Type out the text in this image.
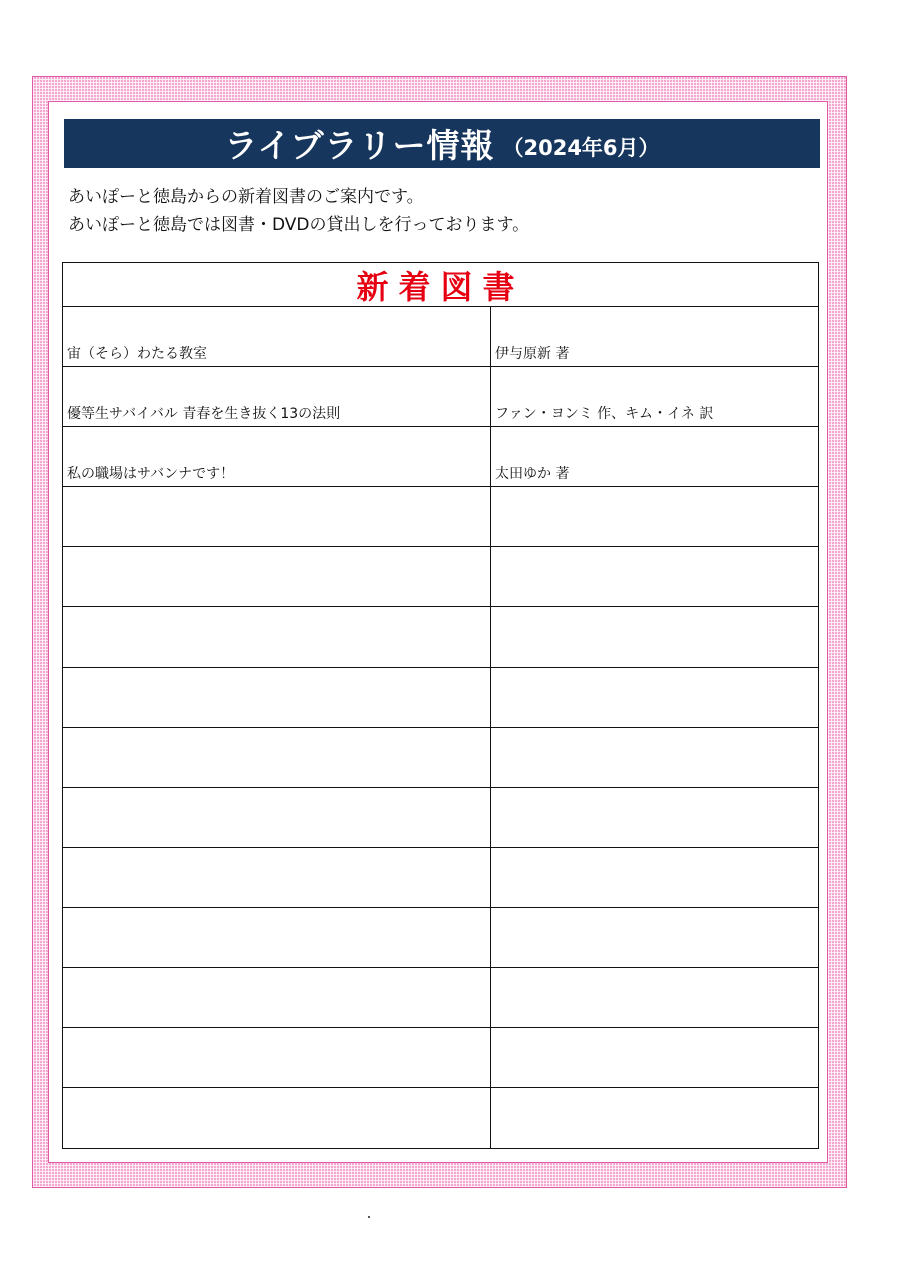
ライブラリー情報 （2024年6月）
あいぽーと徳島からの新着図書のご案内です。
あいぽーと徳島では図書・DVDの貸出しを行っております。
新着図書
宙（そら）わたる教室	伊与原新 著
優等生サバイバル 青春を生き抜く13の法則	ファン・ヨンミ 作、キム・イネ 訳
私の職場はサバンナです！	太田ゆか 著
